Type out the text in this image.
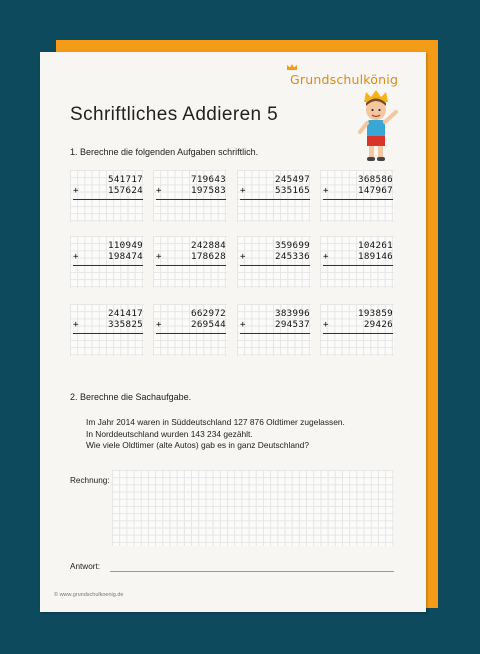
Grundschulkönig
Schriftliches Addieren 5
1. Berechne die folgenden Aufgaben schriftlich.
541717
+	157624
719643
+	197583
245497
+	535165
368586
+	147967
110949
+	198474
242884
+	178628
359699
+	245336
104261
+	189146
241417
+	335825
662972
+	269544
383996
+	294537
193859
+	29426
2. Berechne die Sachaufgabe.
Im Jahr 2014 waren in Süddeutschland 127 876 Oldtimer zugelassen.
In Norddeutschland wurden 143 234 gezählt.
Wie viele Oldtimer (alte Autos) gab es in ganz Deutschland?
Rechnung:
Antwort:
© www.grundschulkoenig.de
